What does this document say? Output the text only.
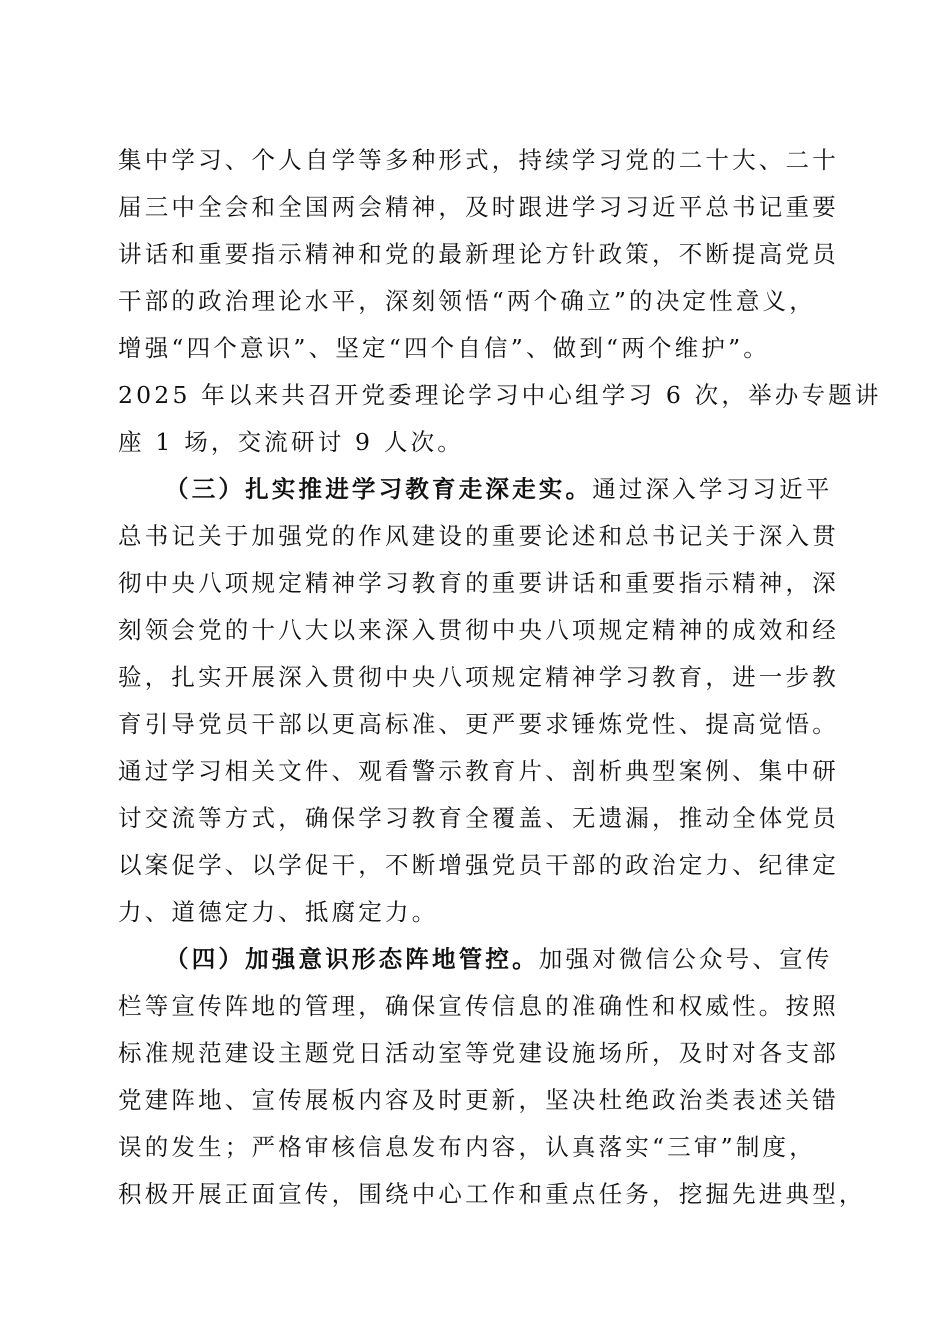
集中学习、个人自学等多种形式，持续学习党的二十大、二十
届三中全会和全国两会精神，及时跟进学习习近平总书记重要
讲话和重要指示精神和党的最新理论方针政策，不断提高党员
干部的政治理论水平，深刻领悟“两个确立”的决定性意义，
增强“四个意识”、坚定“四个自信”、做到“两个维护”。
2025 年以来共召开党委理论学习中心组学习 6 次，举办专题讲
座 1 场，交流研讨 9 人次。
（三）扎实推进学习教育走深走实。通过深入学习习近平
总书记关于加强党的作风建设的重要论述和总书记关于深入贯
彻中央八项规定精神学习教育的重要讲话和重要指示精神，深
刻领会党的十八大以来深入贯彻中央八项规定精神的成效和经
验，扎实开展深入贯彻中央八项规定精神学习教育，进一步教
育引导党员干部以更高标准、更严要求锤炼党性、提高觉悟。
通过学习相关文件、观看警示教育片、剖析典型案例、集中研
讨交流等方式，确保学习教育全覆盖、无遗漏，推动全体党员
以案促学、以学促干，不断增强党员干部的政治定力、纪律定
力、道德定力、抵腐定力。
（四）加强意识形态阵地管控。加强对微信公众号、宣传
栏等宣传阵地的管理，确保宣传信息的准确性和权威性。按照
标准规范建设主题党日活动室等党建设施场所，及时对各支部
党建阵地、宣传展板内容及时更新，坚决杜绝政治类表述关错
误的发生；严格审核信息发布内容，认真落实“三审”制度，
积极开展正面宣传，围绕中心工作和重点任务，挖掘先进典型，
